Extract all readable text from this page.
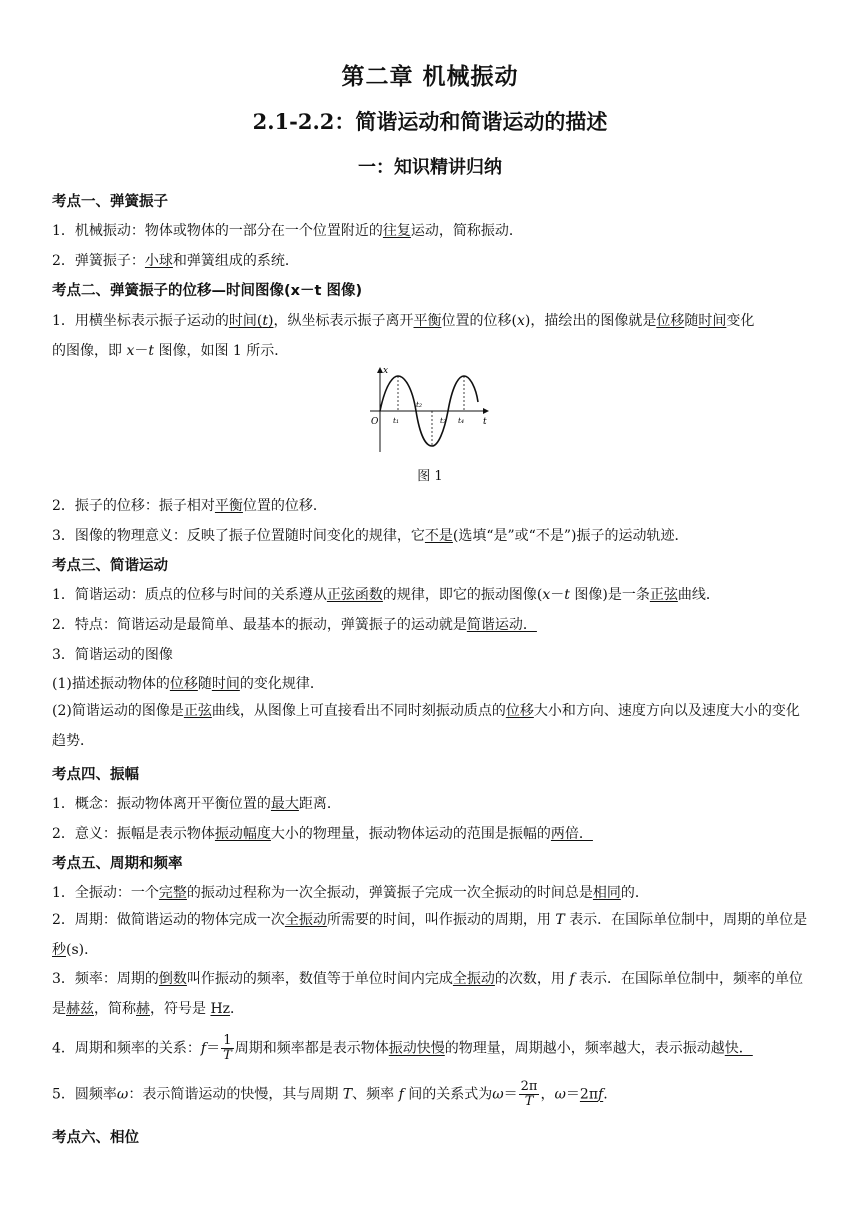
第二章 机械振动
2.1-2.2：简谐运动和简谐运动的描述
一：知识精讲归纳
考点一、弹簧振子
1．机械振动：物体或物体的一部分在一个位置附近的往复运动，简称振动．
2．弹簧振子：小球和弹簧组成的系统．
考点二、弹簧振子的位移—时间图像(x－t 图像)
1．用横坐标表示振子运动的时间(t)，纵坐标表示振子离开平衡位置的位移(x)，描绘出的图像就是位移随时间变化
的图像，即 x－t 图像，如图 1 所示．
x
t
O t₁
t₂
t₃ t₄
图 1
2．振子的位移：振子相对平衡位置的位移．
3．图像的物理意义：反映了振子位置随时间变化的规律，它不是(选填“是”或“不是”)振子的运动轨迹．
考点三、简谐运动
1．简谐运动：质点的位移与时间的关系遵从正弦函数的规律，即它的振动图像(x－t 图像)是一条正弦曲线．
2．特点：简谐运动是最简单、最基本的振动，弹簧振子的运动就是简谐运动．
3．简谐运动的图像
(1)描述振动物体的位移随时间的变化规律．
(2)简谐运动的图像是正弦曲线，从图像上可直接看出不同时刻振动质点的位移大小和方向、速度方向以及速度大小的变化趋势．
考点四、振幅
1．概念：振动物体离开平衡位置的最大距离．
2．意义：振幅是表示物体振动幅度大小的物理量，振动物体运动的范围是振幅的两倍．
考点五、周期和频率
1．全振动：一个完整的振动过程称为一次全振动，弹簧振子完成一次全振动的时间总是相同的．
2．周期：做简谐运动的物体完成一次全振动所需要的时间，叫作振动的周期，用 T 表示．在国际单位制中，周期的单位是秒(s)．
3．频率：周期的倒数叫作振动的频率，数值等于单位时间内完成全振动的次数，用 f 表示．在国际单位制中，频率的单位是赫兹，简称赫，符号是 Hz．
4．周期和频率的关系：$f= \frac{1}{T}$ 周期和频率都是表示物体振动快慢的物理量，周期越小，频率越大，表示振动越快．
5．圆频率ω：表示简谐运动的快慢，其与周期 T、频率 f 间的关系式为$\omega= \frac{2\pi}{T}$ ，ω＝2πf.
考点六、相位
